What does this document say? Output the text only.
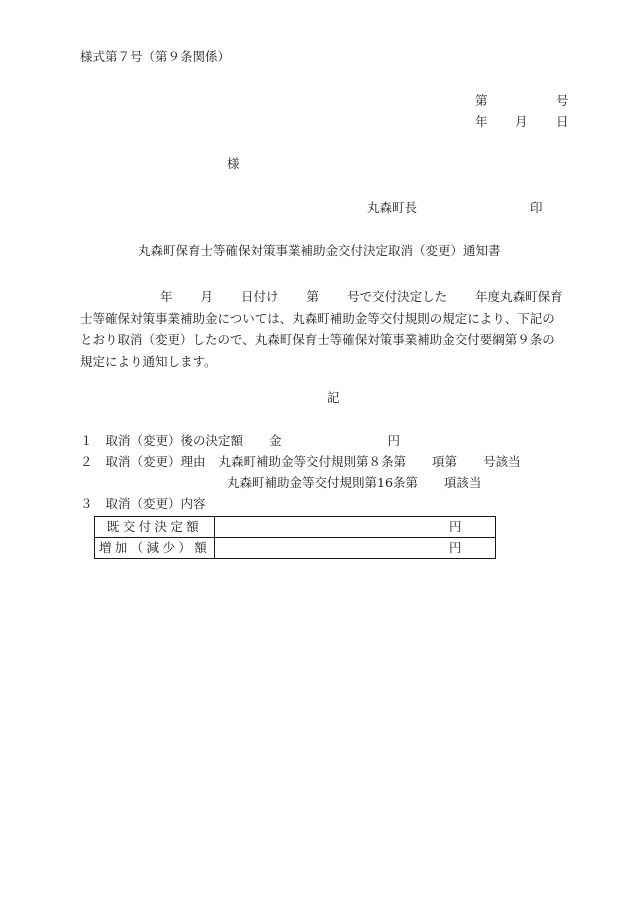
様式第７号（第９条関係）
第	号
年 月 日
様
丸森町長	印
丸森町保育士等確保対策事業補助金交付決定取消（変更）通知書
年 月 日付け 第 号で交付決定した 年度丸森町保育
士等確保対策事業補助金については、丸森町補助金等交付規則の規定により、下記の
とおり取消（変更）したので、丸森町保育士等確保対策事業補助金交付要綱第９条の
規定により通知します。
記
１ 取消（変更）後の決定額 金	円
２ 取消（変更）理由 丸森町補助金等交付規則第８条第 項第 号該当
丸森町補助金等交付規則第16条第 項該当
３ 取消（変更）内容
既交付決定額	円

増加（減少）額	円
